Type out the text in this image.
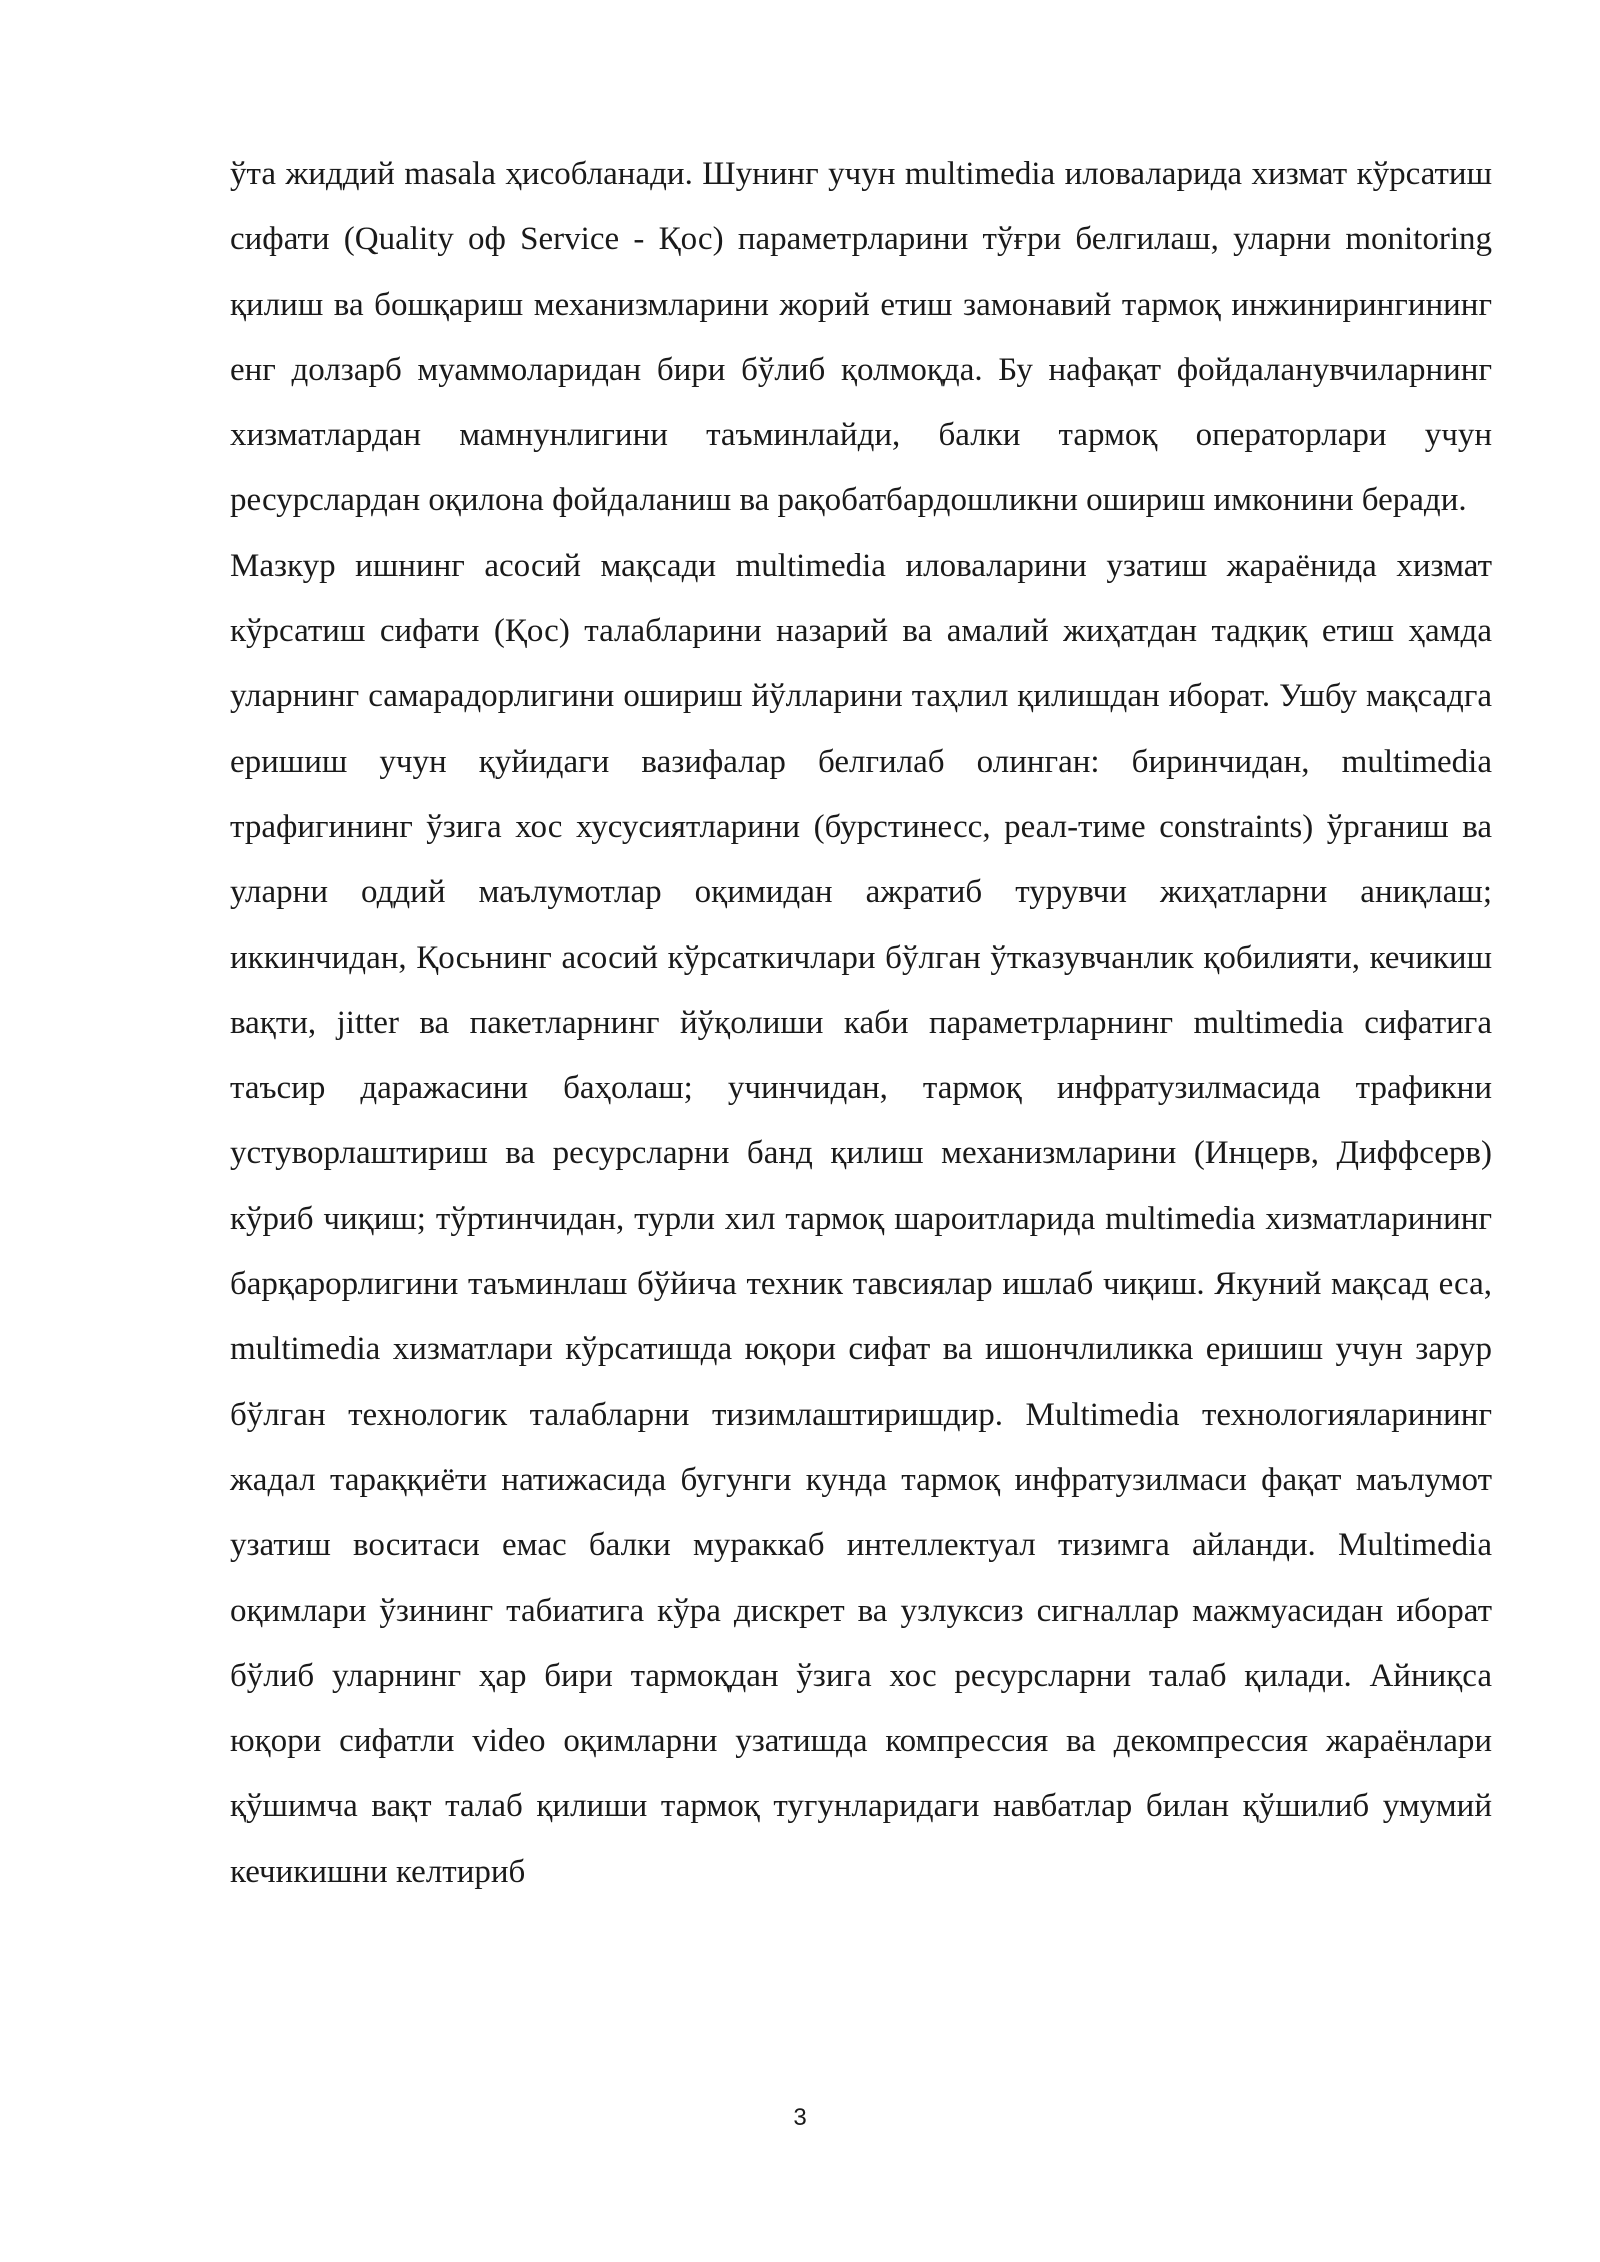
ўта жиддий masala ҳисобланади. Шунинг учун multimedia иловаларида хизмат кўрсатиш сифати (Quality оф Service - Қос) параметрларини тўғри белгилаш, уларни monitoring қилиш ва бошқариш механизмларини жорий етиш замонавий тармоқ инжинирингининг енг долзарб муаммоларидан бири бўлиб қолмоқда. Бу нафақат фойдаланувчиларнинг хизматлардан мамнунлигини таъминлайди, балки тармоқ операторлари учун ресурслардан оқилона фойдаланиш ва рақобатбардошликни ошириш имконини беради.

Мазкур ишнинг асосий мақсади multimedia иловаларини узатиш жараёнида хизмат кўрсатиш сифати (Қос) талабларини назарий ва амалий жиҳатдан тадқиқ етиш ҳамда уларнинг самарадорлигини ошириш йўлларини таҳлил қилишдан иборат. Ушбу мақсадга еришиш учун қуйидаги вазифалар белгилаб олинган: биринчидан, multimedia трафигининг ўзига хос хусусиятларини (бурстинесс, реал-тиме constraints) ўрганиш ва уларни оддий маълумотлар оқимидан ажратиб турувчи жиҳатларни аниқлаш; иккинчидан, Қосьнинг асосий кўрсаткичлари бўлган ўтказувчанлик қобилияти, кечикиш вақти, jitter ва пакетларнинг йўқолиши каби параметрларнинг multimedia сифатига таъсир даражасини баҳолаш; учинчидан, тармоқ инфратузилмасида трафикни устуворлаштириш ва ресурсларни банд қилиш механизмларини (Инцерв, Диффсерв) кўриб чиқиш; тўртинчидан, турли хил тармоқ шароитларида multimedia хизматларининг барқарорлигини таъминлаш бўйича техник тавсиялар ишлаб чиқиш. Якуний мақсад еса, multimedia хизматлари кўрсатишда юқори сифат ва ишончлиликка еришиш учун зарур бўлган технологик талабларни тизимлаштиришдир. Multimedia технологияларининг жадал тараққиёти натижасида бугунги кунда тармоқ инфратузилмаси фақат маълумот узатиш воситаси емас балки мураккаб интеллектуал тизимга айланди. Multimedia оқимлари ўзининг табиатига кўра дискрет ва узлуксиз сигналлар мажмуасидан иборат бўлиб уларнинг ҳар бири тармоқдан ўзига хос ресурсларни талаб қилади. Айниқса юқори сифатли video оқимларни узатишда компрессия ва декомпрессия жараёнлари қўшимча вақт талаб қилиши тармоқ тугунларидаги навбатлар билан қўшилиб умумий кечикишни келтириб

3
